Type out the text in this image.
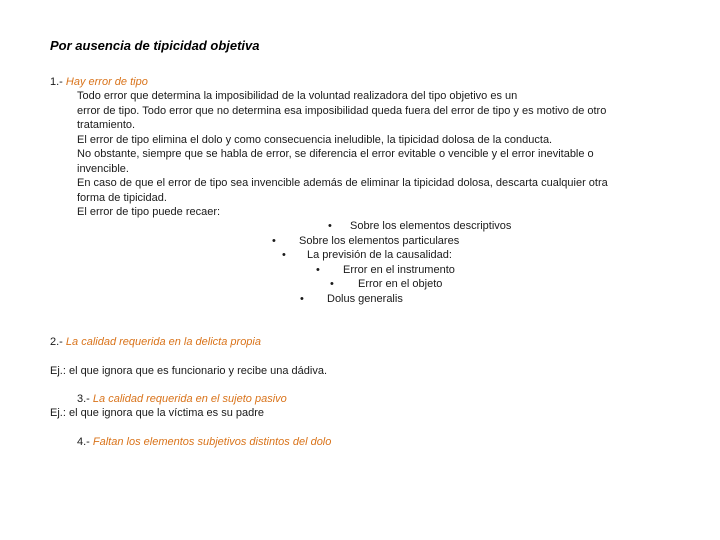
Por ausencia de tipicidad objetiva
1.- Hay error de tipo
Todo error que determina la imposibilidad de la voluntad realizadora del tipo objetivo es un
error de tipo. Todo error que no determina esa imposibilidad queda fuera del error de tipo y es motivo de otro
tratamiento.
El error de tipo elimina el dolo y como consecuencia ineludible, la tipicidad dolosa de la conducta.
No obstante, siempre que se habla de error, se diferencia el error evitable o vencible y el error inevitable o
invencible.
En caso de que el error de tipo sea invencible además de eliminar la tipicidad dolosa, descarta cualquier otra
forma de tipicidad.
El error de tipo puede recaer:
• Sobre los elementos descriptivos
• Sobre los elementos particulares
• La previsión de la causalidad:
• Error en el instrumento
• Error en el objeto
• Dolus generalis
2.- La calidad requerida en la delicta propia
Ej.: el que ignora que es funcionario y recibe una dádiva.
3.- La calidad requerida en el sujeto pasivo
Ej.: el que ignora que la víctima es su padre
4.- Faltan los elementos subjetivos distintos del dolo
